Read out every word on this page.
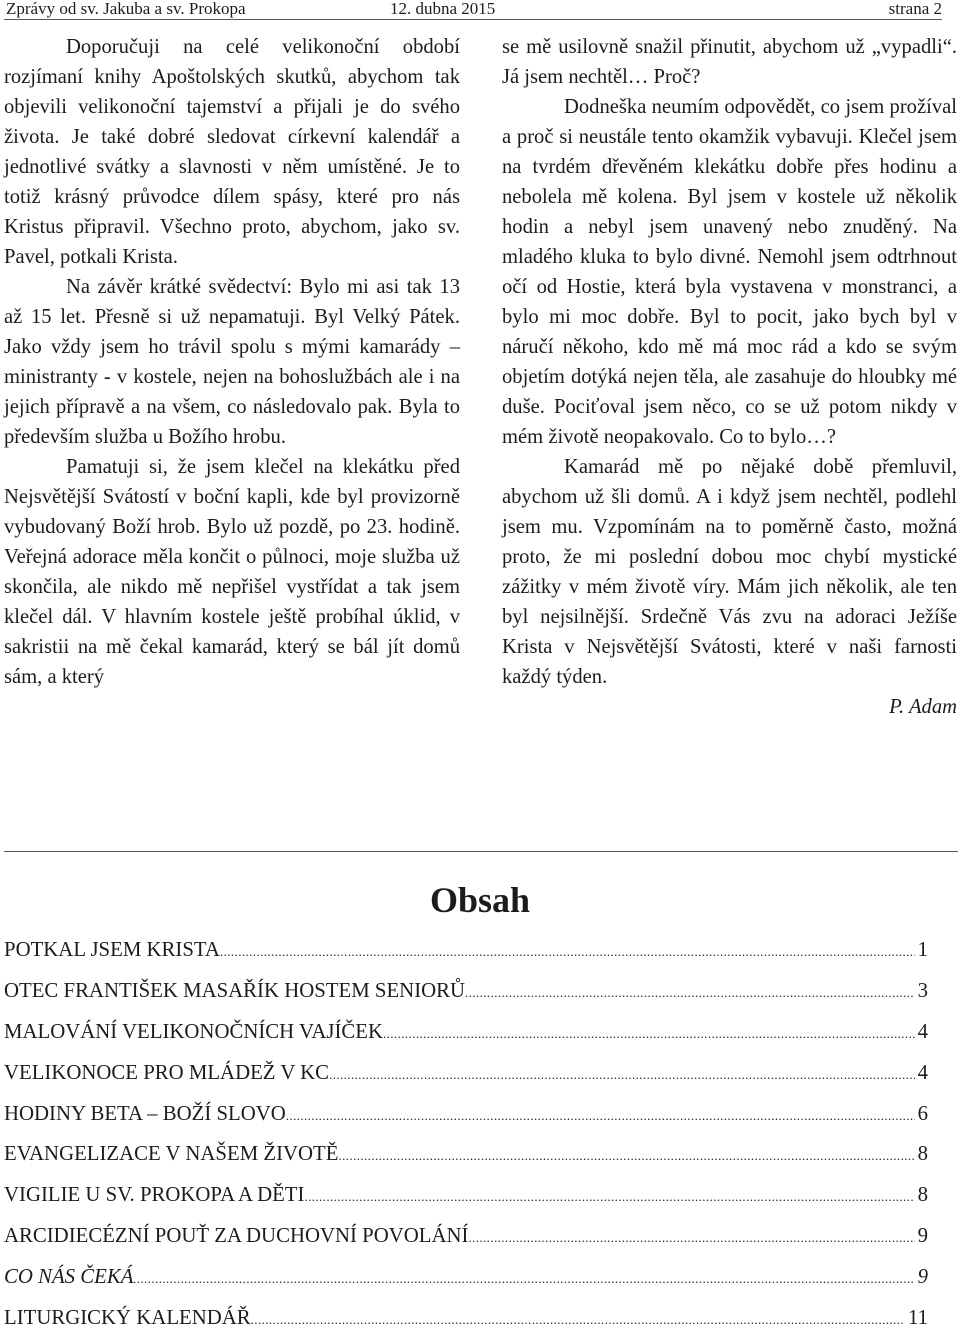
Zprávy od sv. Jakuba a sv. Prokopa	12. dubna 2015	strana 2

Doporučuji na celé velikonoční období rozjímaní knihy Apoštolských skutků, abychom tak objevili velikonoční tajemství a přijali je do svého života. Je také dobré sledovat církevní kalendář a jednotlivé svátky a slavnosti v něm umístěné. Je to totiž krásný průvodce dílem spásy, které pro nás Kristus připravil. Všechno proto, abychom, jako sv. Pavel, potkali Krista.

Na závěr krátké svědectví: Bylo mi asi tak 13 až 15 let. Přesně si už nepamatuji. Byl Velký Pátek. Jako vždy jsem ho trávil spolu s mými kamarády – ministranty - v kostele, nejen na bohoslužbách ale i na jejich přípravě a na všem, co následovalo pak. Byla to především služba u Božího hrobu.

Pamatuji si, že jsem klečel na klekátku před Nejsvětější Svátostí v boční kapli, kde byl provizorně vybudovaný Boží hrob. Bylo už pozdě, po 23. hodině. Veřejná adorace měla končit o půlnoci, moje služba už skončila, ale nikdo mě nepřišel vystřídat a tak jsem klečel dál. V hlavním kostele ještě probíhal úklid, v sakristii na mě čekal kamarád, který se bál jít domů sám, a který

se mě usilovně snažil přinutit, abychom už „vypadli“. Já jsem nechtěl… Proč?

Dodneška neumím odpovědět, co jsem prožíval a proč si neustále tento okamžik vybavuji. Klečel jsem na tvrdém dřevěném klekátku dobře přes hodinu a nebolela mě kolena. Byl jsem v kostele už několik hodin a nebyl jsem unavený nebo znuděný. Na mladého kluka to bylo divné. Nemohl jsem odtrhnout očí od Hostie, která byla vystavena v monstranci, a bylo mi moc dobře. Byl to pocit, jako bych byl v náručí někoho, kdo mě má moc rád a kdo se svým objetím dotýká nejen těla, ale zasahuje do hloubky mé duše. Pociťoval jsem něco, co se už potom nikdy v mém životě neopakovalo. Co to bylo…?

Kamarád mě po nějaké době přemluvil, abychom už šli domů. A i když jsem nechtěl, podlehl jsem mu. Vzpomínám na to poměrně často, možná proto, že mi poslední dobou moc chybí mystické zážitky v mém životě víry. Mám jich několik, ale ten byl nejsilnější. Srdečně Vás zvu na adoraci Ježíše Krista v Nejsvětější Svátosti, které v naši farnosti každý týden.

P. Adam

Obsah
POTKAL JSEM KRISTA .....	1
OTEC FRANTIŠEK MASAŘÍK HOSTEM SENIORŮ .....	3
MALOVÁNÍ VELIKONOČNÍCH VAJÍČEK .....	4
VELIKONOCE PRO MLÁDEŽ V KC .....	4
HODINY BETA – BOŽÍ SLOVO .....	6
EVANGELIZACE V NAŠEM ŽIVOTĚ .....	8
VIGILIE U SV. PROKOPA A DĚTI .....	8
ARCIDIECÉZNÍ POUŤ ZA DUCHOVNÍ POVOLÁNÍ .....	9
CO NÁS ČEKÁ .....	9
LITURGICKÝ KALENDÁŘ .....	11
